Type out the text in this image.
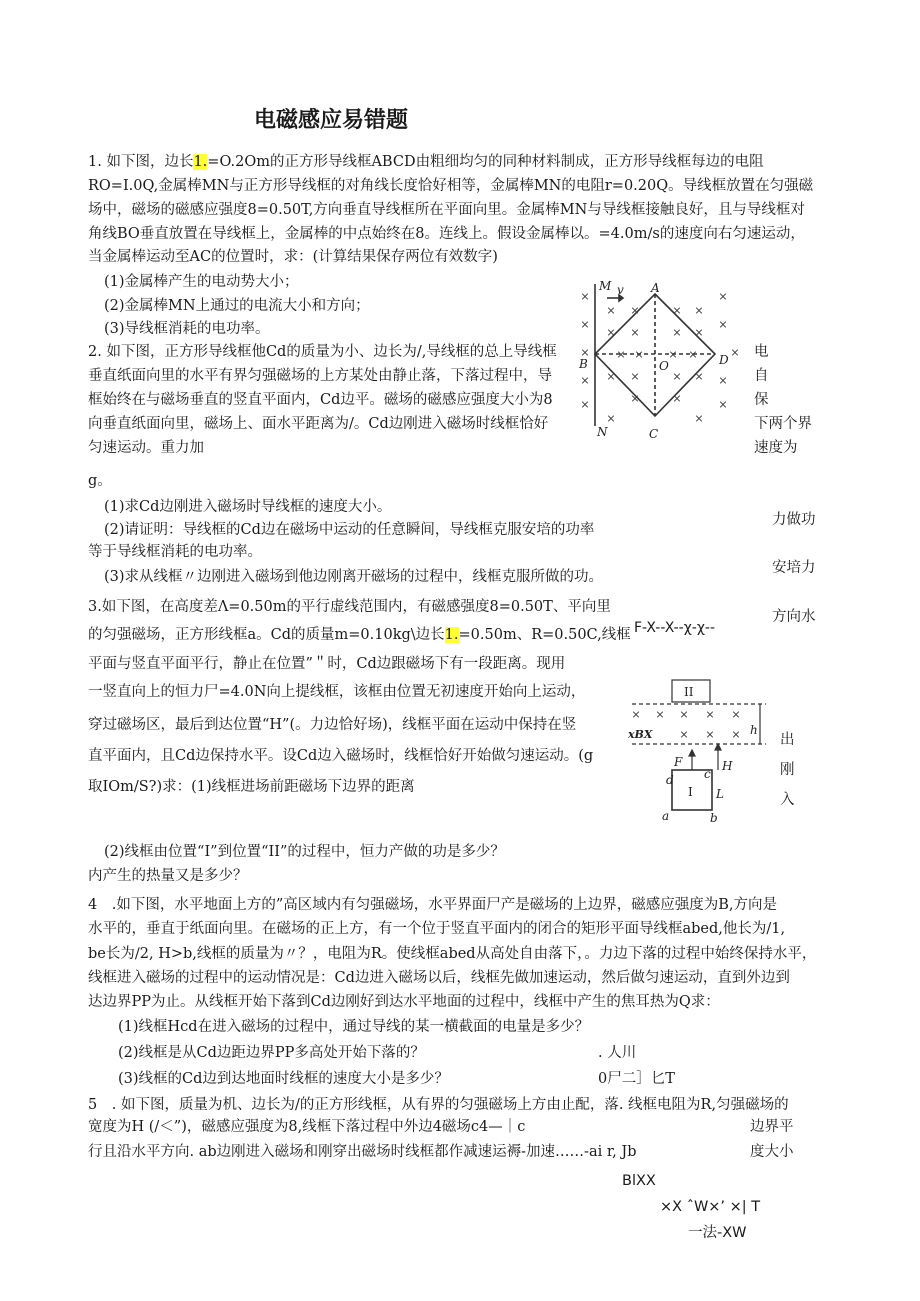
电磁感应易错题
1. 如下图，边长1.=O.2Om的正方形导线框ABCD由粗细均匀的同种材料制成，正方形导线框每边的电阻
RO=I.0Q,金属棒MN与正方形导线框的对角线长度恰好相等，金属棒MN的电阻r=0.20Q。导线框放置在匀强磁
场中，磁场的磁感应强度8=0.50T,方向垂直导线框所在平面向里。金属棒MN与导线框接触良好，且与导线框对
角线BO垂直放置在导线框上，金属棒的中点始终在8。连线上。假设金属棒以。=4.0m∕s的速度向右匀速运动，
当金属棒运动至AC的位置时，求：(计算结果保存两位有效数字)
(1)金属棒产生的电动势大小；
(2)金属棒MN上通过的电流大小和方向；
(3)导线框消耗的电功率。
×
× ×	× ×
×
×
× ×	× ×
×
× × × × ×	×
× × ×	× × ×
×	×	×	×
×	×
M v A
B	O	D
N	C
2. 如下图，正方形导线框他Cd的质量为小、边长为/,导线框的总上导线框
垂直纸面向里的水平有界匀强磁场的上方某处由静止落，下落过程中，导
框始终在与磁场垂直的竖直平面内，Cd边平。磁场的磁感应强度大小为8
向垂直纸面向里，磁场上、面水平距离为/。Cd边刚进入磁场时线框恰好
匀速运动。重力加
电
自
保
下两个界
速度为
g。
(1)求Cd边刚进入磁场时导线框的速度大小。
(2)请证明：导线框的Cd边在磁场中运动的任意瞬间，导线框克服安培的功率
等于导线框消耗的电功率。
(3)求从线框〃边刚进入磁场到他边刚离开磁场的过程中，线框克服所做的功。
力做功
安培力
3.如下图，在高度差Λ=0.50m的平行虚线范围内，有磁感强度8=0.50T、平向里
的匀强磁场，正方形线框a。Cd的质量m=0.10kg\边长1.=0.50m、R=0.50C,线框
平面与竖直平面平行，静止在位置”＂时，Cd边跟磁场下有一段距离。现用
一竖直向上的恒力尸=4.0N向上提线框，该框由位置无初速度开始向上运动，
穿过磁场区，最后到达位置“H”(。力边恰好场)，线框平面在运动中保持在竖
直平面内，且Cd边保持水平。设Cd边入磁场时，线框恰好开始做匀速运动。(g
取IOm/S?)求：(1)线框进场前距磁场下边界的距离
方向水
F-X--X--χ-χ--
出
刚
入
× × × × ×
× × ×
II
xBX	h
F	H
d	c
I L
a	b
(2)线框由位置“I”到位置“II”的过程中，恒力产做的功是多少？
内产生的热量又是多少？
4　.如下图，水平地面上方的”高区域内有匀强磁场，水平界面尸产是磁场的上边界，磁感应强度为B,方向是
水平的，垂直于纸面向里。在磁场的正上方，有一个位于竖直平面内的闭合的矩形平面导线框abed,他长为/1,
be长为∕2, H>b,线框的质量为〃？，电阻为R。使线框abed从高处自由落下，。力边下落的过程中始终保持水平，
线框进入磁场的过程中的运动情况是：Cd边进入磁场以后，线框先做加速运动，然后做匀速运动，直到外边到
达边界PP为止。从线框开始下落到Cd边刚好到达水平地面的过程中，线框中产生的焦耳热为Q求：
(1)线框Hcd在进入磁场的过程中，通过导线的某一横截面的电量是多少？
(2)线框是从Cd边距边界PP多高处开始下落的？	. 人川
(3)线框的Cd边到达地面时线框的速度大小是多少？	0尸二］匕T
5　. 如下图，质量为机、边长为/的正方形线框，从有界的匀强磁场上方由止配，落. 线框电阻为R,匀强磁场的
宽度为H (/＜”)，磁感应强度为8,线框下落过程中外边4磁场c4—｜c	边界平
行且沿水平方向. ab边刚进入磁场和刚穿出磁场时线框都作减速运褥-加速……-ai r, Jb	度大小
BlXX
×X ˆW×’ ×| T
一法-XW
